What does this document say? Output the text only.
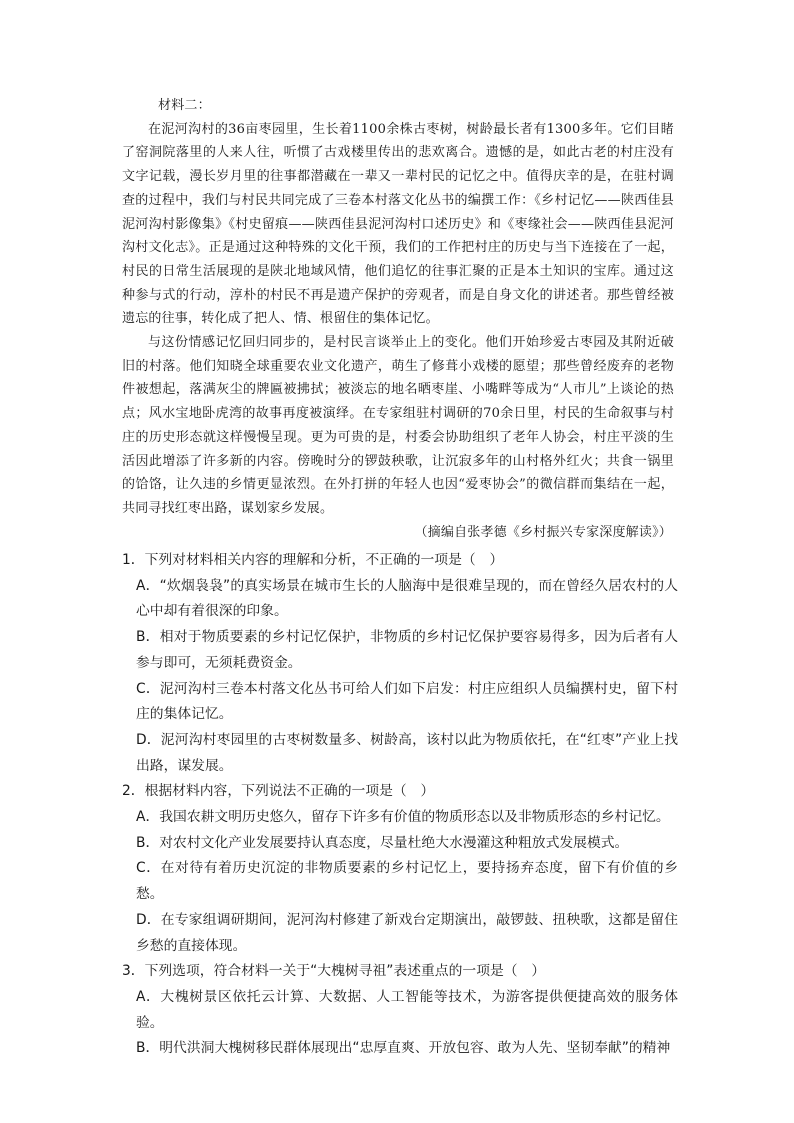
材料二：

在泥河沟村的36亩枣园里，生长着1100余株古枣树，树龄最长者有1300多年。它们目睹了窑洞院落里的人来人往，听惯了古戏楼里传出的悲欢离合。遗憾的是，如此古老的村庄没有文字记载，漫长岁月里的往事都潜藏在一辈又一辈村民的记忆之中。值得庆幸的是，在驻村调查的过程中，我们与村民共同完成了三卷本村落文化丛书的编撰工作：《乡村记忆——陕西佳县泥河沟村影像集》《村史留痕——陕西佳县泥河沟村口述历史》和《枣缘社会——陕西佳县泥河沟村文化志》。正是通过这种特殊的文化干预，我们的工作把村庄的历史与当下连接在了一起，村民的日常生活展现的是陕北地域风情，他们追忆的往事汇聚的正是本土知识的宝库。通过这种参与式的行动，淳朴的村民不再是遗产保护的旁观者，而是自身文化的讲述者。那些曾经被遗忘的往事，转化成了把人、情、根留住的集体记忆。

与这份情感记忆回归同步的，是村民言谈举止上的变化。他们开始珍爱古枣园及其附近破旧的村落。他们知晓全球重要农业文化遗产，萌生了修葺小戏楼的愿望；那些曾经废弃的老物件被想起，落满灰尘的牌匾被拂拭；被淡忘的地名晒枣崖、小嘴畔等成为“人市儿”上谈论的热点；风水宝地卧虎湾的故事再度被演绎。在专家组驻村调研的70余日里，村民的生命叙事与村庄的历史形态就这样慢慢呈现。更为可贵的是，村委会协助组织了老年人协会，村庄平淡的生活因此增添了许多新的内容。傍晚时分的锣鼓秧歌，让沉寂多年的山村格外红火；共食一锅里的饸饹，让久违的乡情更显浓烈。在外打拼的年轻人也因“爱枣协会”的微信群而集结在一起，共同寻找红枣出路，谋划家乡发展。

（摘编自张孝德《乡村振兴专家深度解读》）

1．下列对材料相关内容的理解和分析，不正确的一项是（　）

A．“炊烟袅袅”的真实场景在城市生长的人脑海中是很难呈现的，而在曾经久居农村的人心中却有着很深的印象。

B．相对于物质要素的乡村记忆保护，非物质的乡村记忆保护要容易得多，因为后者有人参与即可，无须耗费资金。

C．泥河沟村三卷本村落文化丛书可给人们如下启发：村庄应组织人员编撰村史，留下村庄的集体记忆。

D．泥河沟村枣园里的古枣树数量多、树龄高，该村以此为物质依托，在“红枣”产业上找出路，谋发展。

2．根据材料内容，下列说法不正确的一项是（　）

A．我国农耕文明历史悠久，留存下许多有价值的物质形态以及非物质形态的乡村记忆。

B．对农村文化产业发展要持认真态度，尽量杜绝大水漫灌这种粗放式发展模式。

C．在对待有着历史沉淀的非物质要素的乡村记忆上，要持扬弃态度，留下有价值的乡愁。

D．在专家组调研期间，泥河沟村修建了新戏台定期演出，敲锣鼓、扭秧歌，这都是留住乡愁的直接体现。

3．下列选项，符合材料一关于“大槐树寻祖”表述重点的一项是（　）

A．大槐树景区依托云计算、大数据、人工智能等技术，为游客提供便捷高效的服务体验。

B．明代洪洞大槐树移民群体展现出“忠厚直爽、开放包容、敢为人先、坚韧奉献”的精神
